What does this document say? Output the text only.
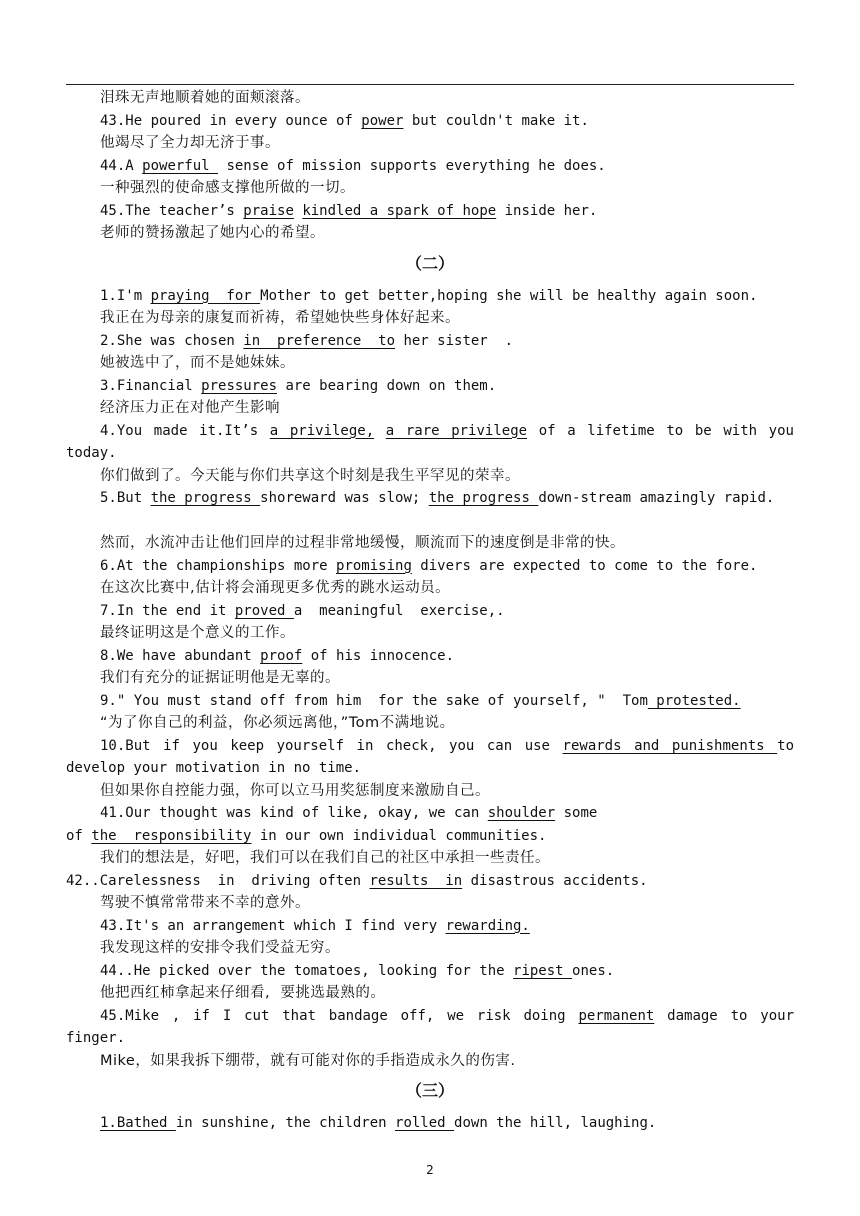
泪珠无声地顺着她的面颊滚落。
43.He poured in every ounce of power but couldn't make it.
他竭尽了全力却无济于事。
44.A powerful  sense of mission supports everything he does.
一种强烈的使命感支撑他所做的一切。
45.The teacher’s praise kindled a spark of hope inside her.
老师的赞扬激起了她内心的希望。
（二）
1.I'm praying  for Mother to get better,hoping she will be healthy again soon.
我正在为母亲的康复而祈祷，希望她快些身体好起来。
2.She was chosen in  preference  to her sister  .
她被选中了，而不是她妹妹。
3.Financial pressures are bearing down on them.
经济压力正在对他产生影响
4.You made it.It’s a privilege, a rare privilege of a lifetime to be with you today.
你们做到了。今天能与你们共享这个时刻是我生平罕见的荣幸。
5.But the progress shoreward was slow; the progress down-stream amazingly rapid.
然而，水流冲击让他们回岸的过程非常地缓慢，顺流而下的速度倒是非常的快。
6.At the championships more promising divers are expected to come to the fore.
在这次比赛中,估计将会涌现更多优秀的跳水运动员。
7.In the end it proved a  meaningful  exercise,.
最终证明这是个意义的工作。
8.We have abundant proof of his innocence.
我们有充分的证据证明他是无辜的。
9." You must stand off from him  for the sake of yourself, "  Tom protested.
“为了你自己的利益，你必须远离他，”Tom不满地说。
10.But if you keep yourself in check, you can use rewards and punishments to develop your motivation in no time.
但如果你自控能力强，你可以立马用奖惩制度来激励自己。
41.Our thought was kind of like, okay, we can shoulder some
of the  responsibility in our own individual communities.
我们的想法是，好吧，我们可以在我们自己的社区中承担一些责任。
42..Carelessness  in  driving often results  in disastrous accidents.
驾驶不慎常常带来不幸的意外。
43.It's an arrangement which I find very rewarding.
我发现这样的安排令我们受益无穷。
44..He picked over the tomatoes, looking for the ripest ones.
他把西红柿拿起来仔细看,  要挑选最熟的。
45.Mike , if I cut that bandage off, we risk doing permanent damage to your finger.
Mike，如果我拆下绷带，就有可能对你的手指造成永久的伤害.
（三）
1.Bathed in sunshine, the children rolled down the hill, laughing.
2
